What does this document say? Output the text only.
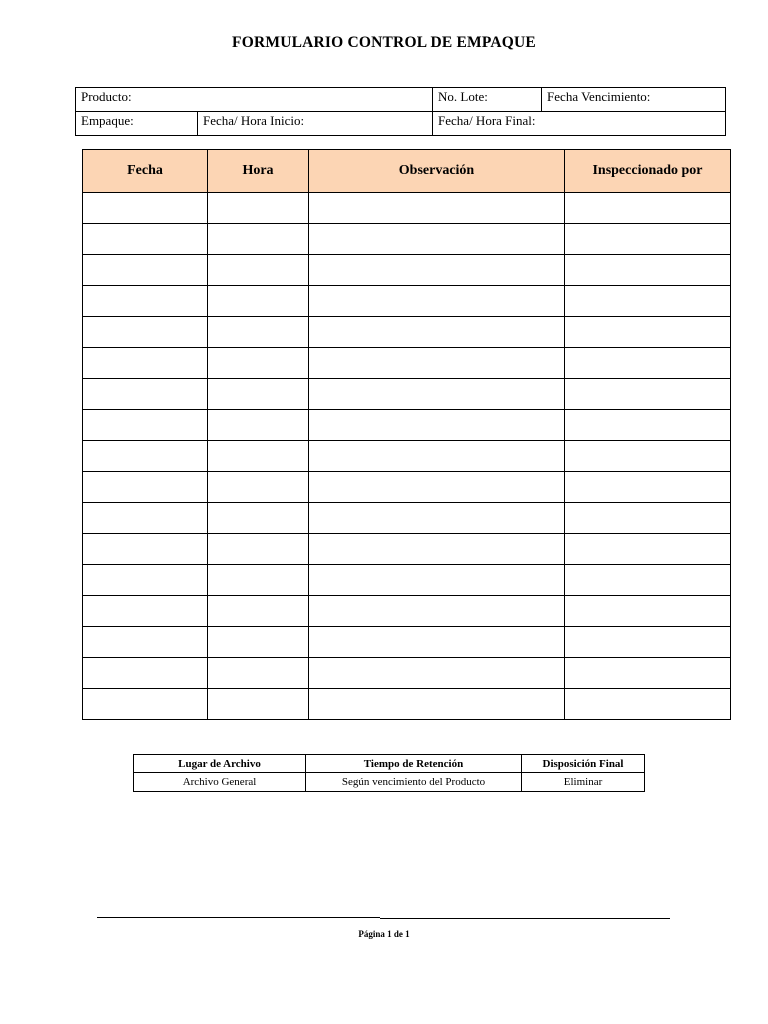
FORMULARIO CONTROL DE EMPAQUE
Producto:		No. Lote:	Fecha Vencimiento:
Empaque:	Fecha/ Hora Inicio:	Fecha/ Hora Final:	
Fecha	Hora	Observación	Inspeccionado por

Lugar de Archivo	Tiempo de Retención	Disposición Final
Archivo General	Según vencimiento del Producto	Eliminar
Página 1 de 1
